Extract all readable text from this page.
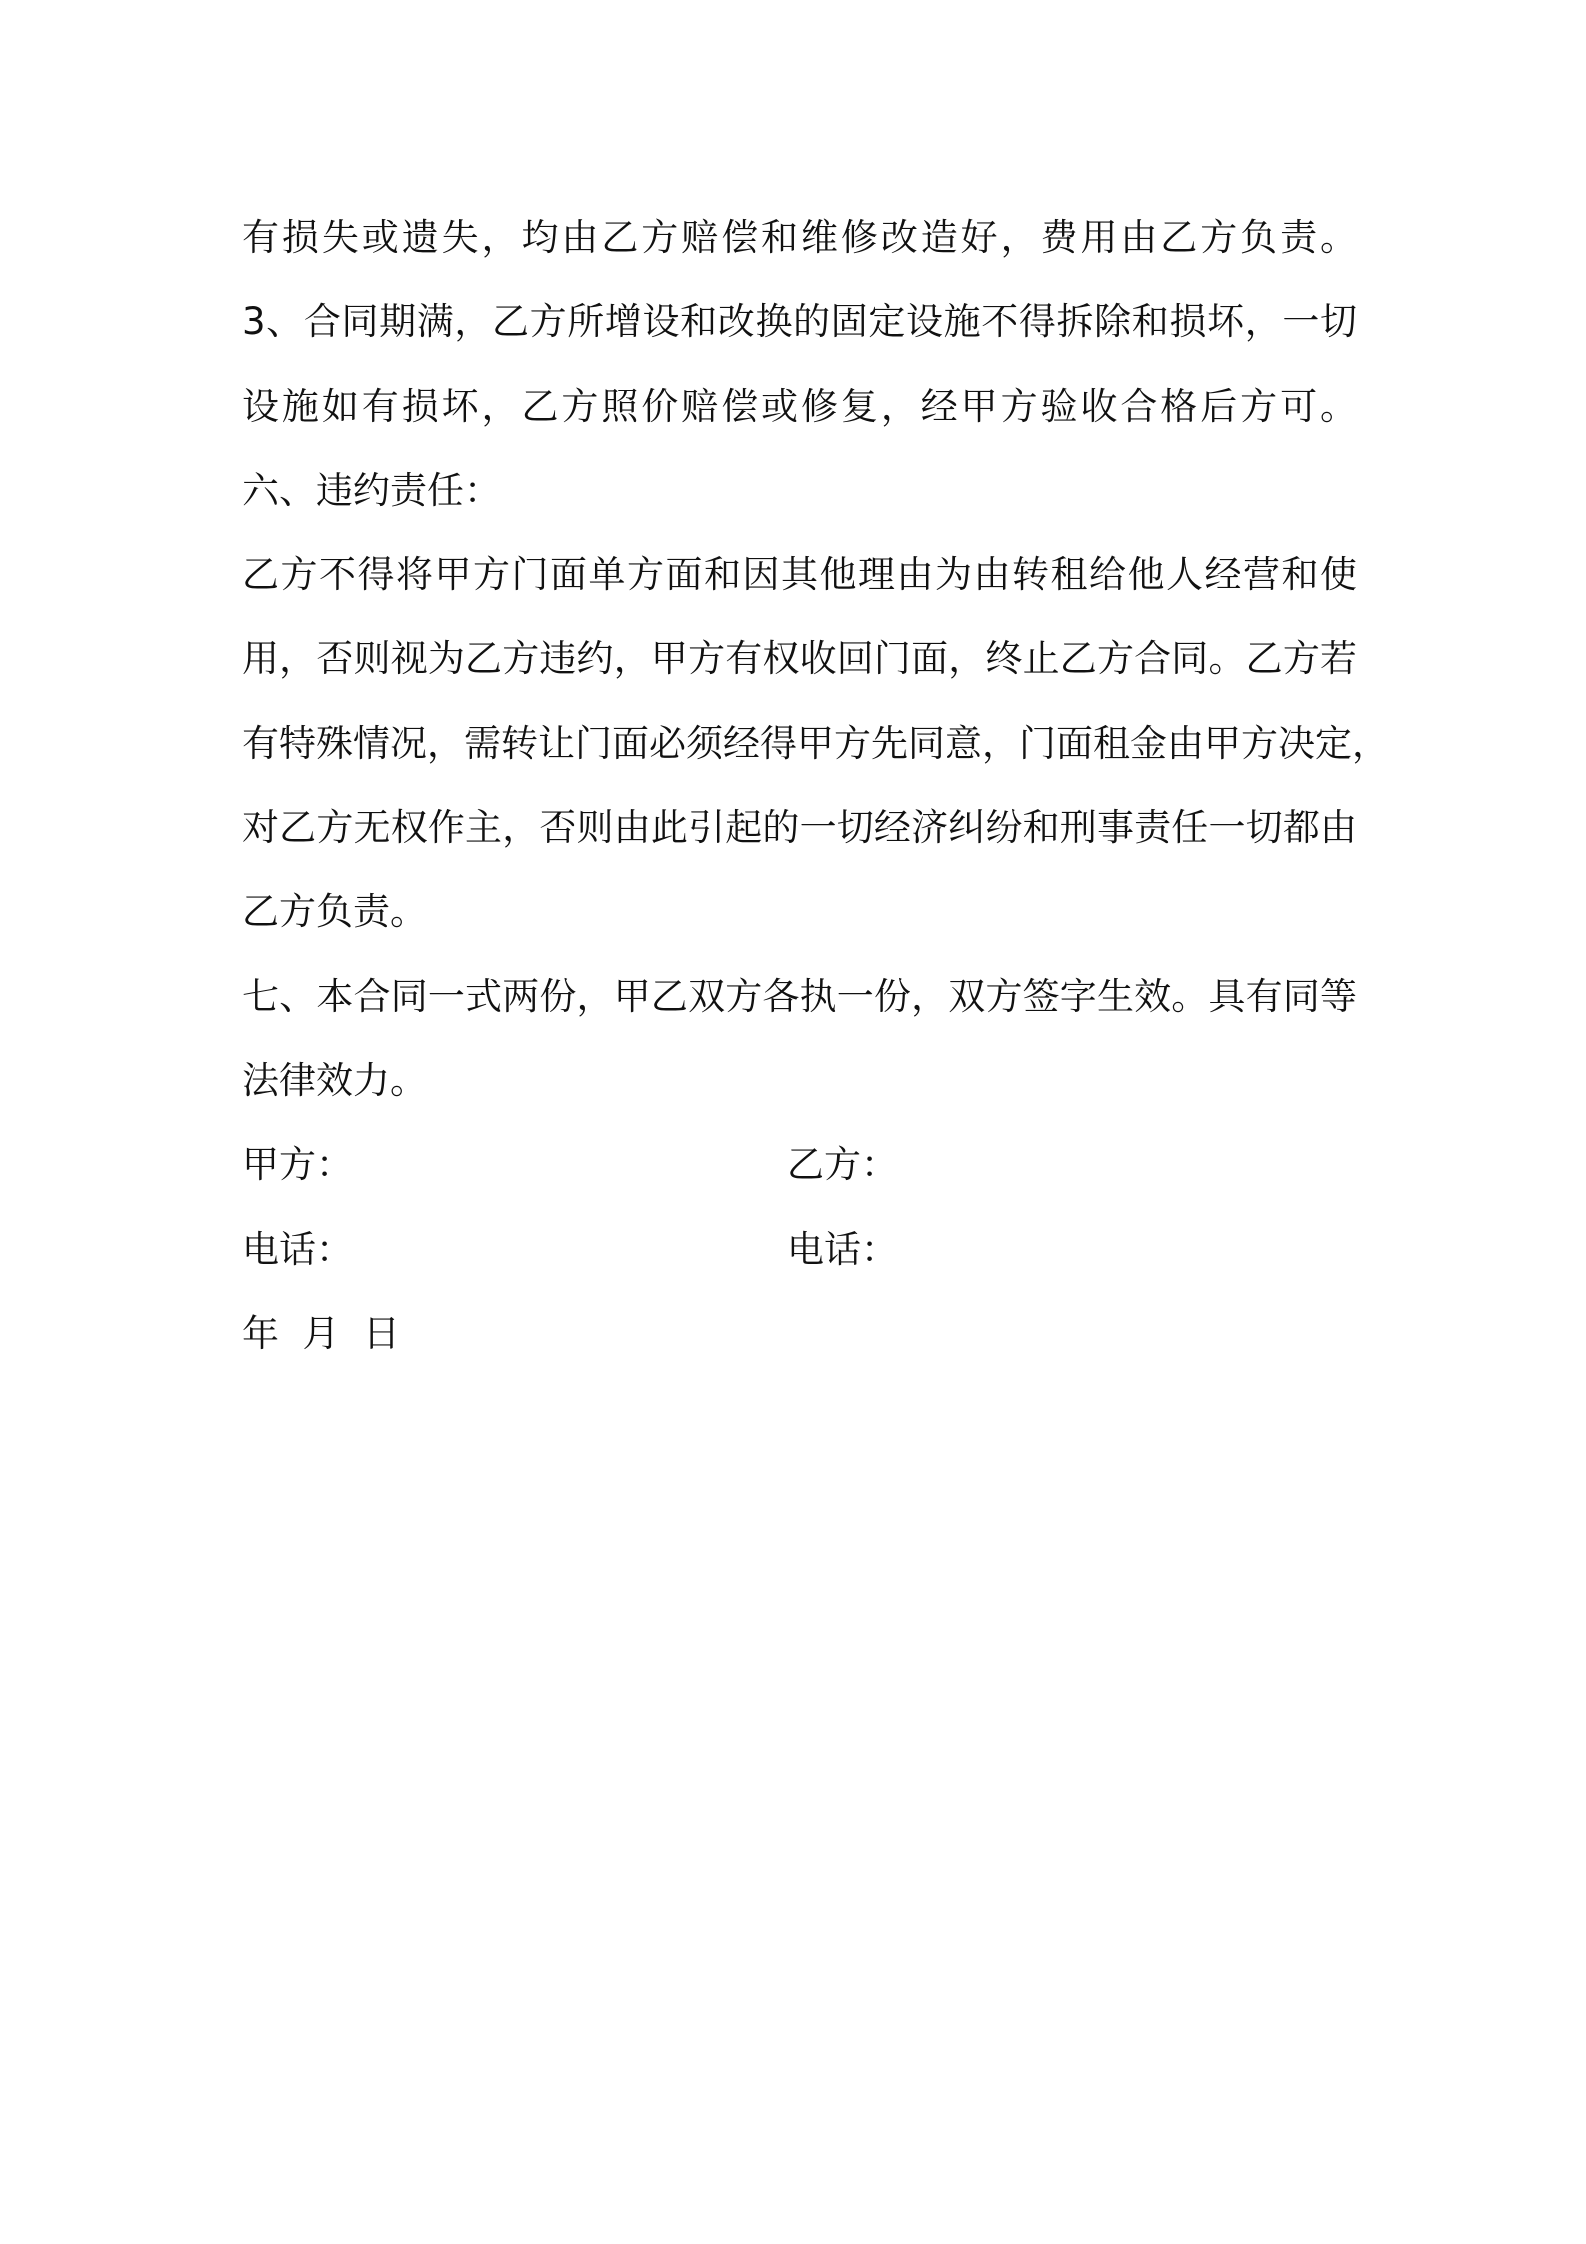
有损失或遗失，均由乙方赔偿和维修改造好，费用由乙方负责。
3、合同期满，乙方所增设和改换的固定设施不得拆除和损坏，一切
设施如有损坏，乙方照价赔偿或修复，经甲方验收合格后方可。
六、违约责任：
乙方不得将甲方门面单方面和因其他理由为由转租给他人经营和使
用，否则视为乙方违约，甲方有权收回门面，终止乙方合同。乙方若
有特殊情况，需转让门面必须经得甲方先同意，门面租金由甲方决定，
对乙方无权作主，否则由此引起的一切经济纠纷和刑事责任一切都由
乙方负责。
七、本合同一式两份，甲乙双方各执一份，双方签字生效。具有同等
法律效力。
甲方：	乙方：
电话：	电话：
年  月  日
